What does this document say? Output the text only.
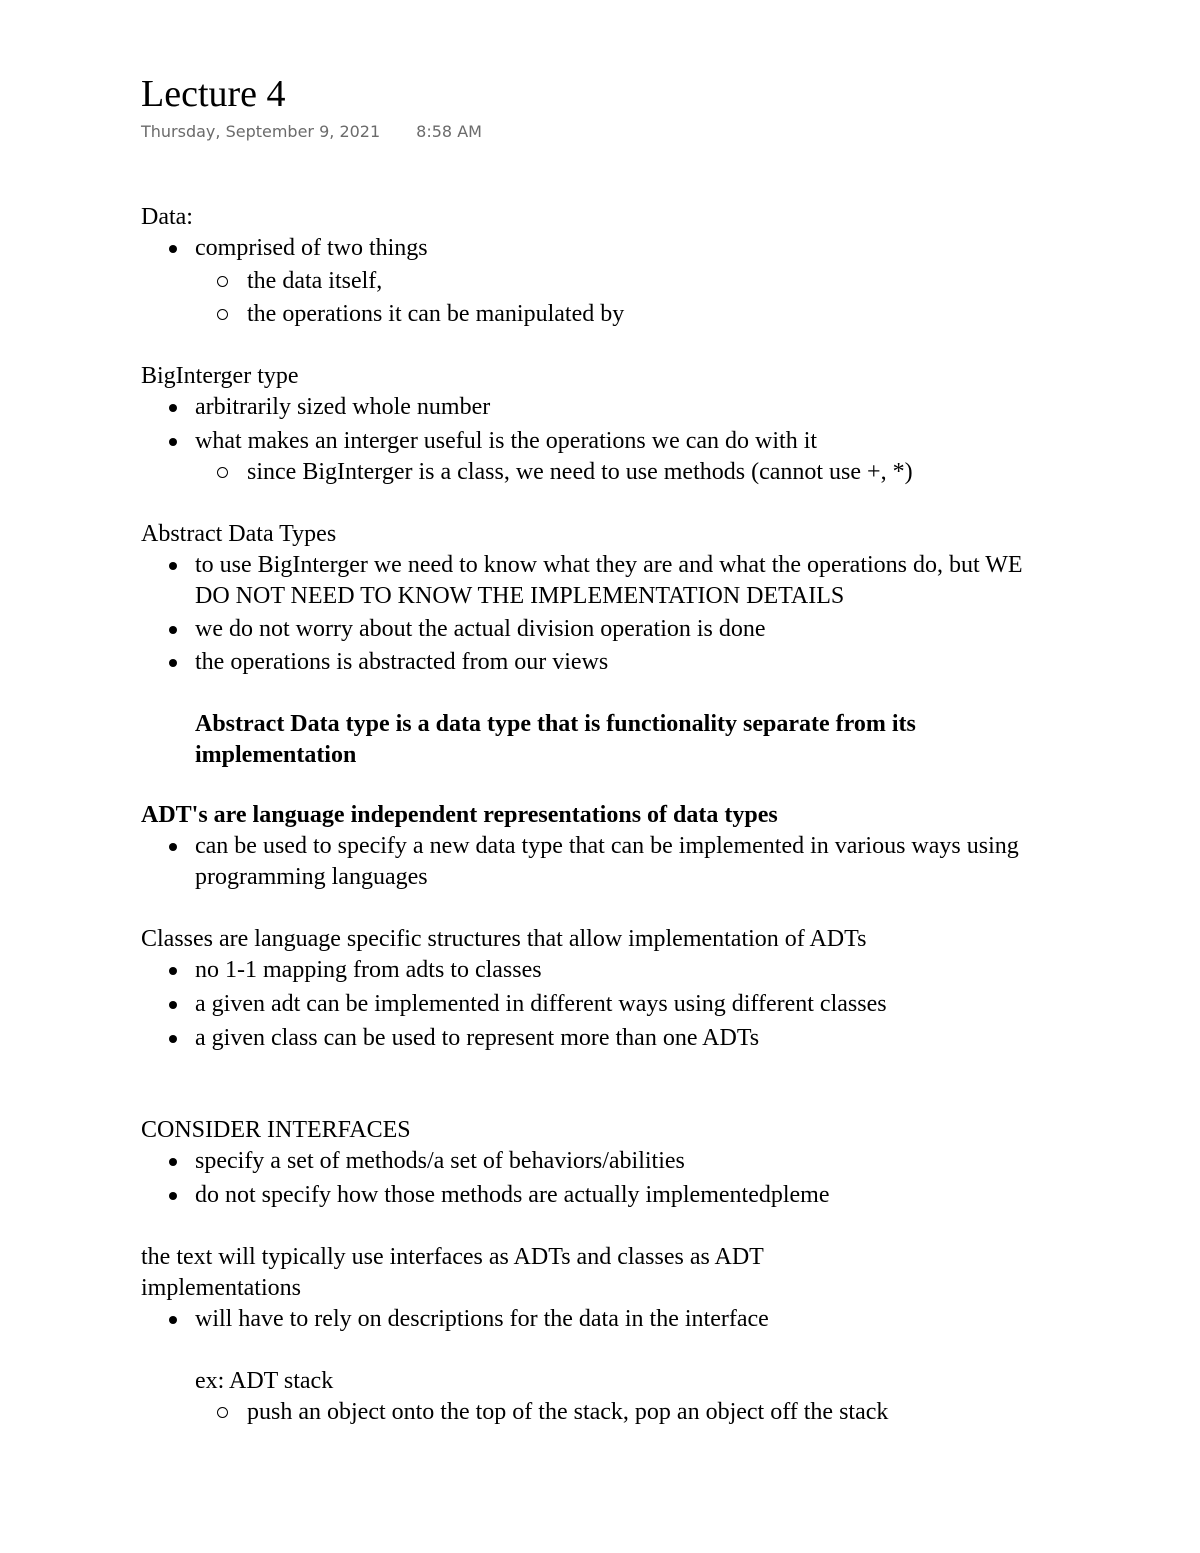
Lecture 4
Thursday, September 9, 2021 8:58 AM

Data:

comprised of two things
the data itself,
the operations it can be manipulated by

BigInterger type

arbitrarily sized whole number
what makes an interger useful is the operations we can do with it
since BigInterger is a class, we need to use methods (cannot use +, *)

Abstract Data Types

to use BigInterger we need to know what they are and what the operations do, but WE DO NOT NEED TO KNOW THE IMPLEMENTATION DETAILS
we do not worry about the actual division operation is done
the operations is abstracted from our views

Abstract Data type is a data type that is functionality separate from its implementation

ADT's are language independent representations of data types

can be used to specify a new data type that can be implemented in various ways using programming languages

Classes are language specific structures that allow implementation of ADTs

no 1-1 mapping from adts to classes
a given adt can be implemented in different ways using different classes
a given class can be used to represent more than one ADTs

CONSIDER INTERFACES

specify a set of methods/a set of behaviors/abilities
do not specify how those methods are actually implementedpleme

the text will typically use interfaces as ADTs and classes as ADT implementations

will have to rely on descriptions for the data in the interface

ex: ADT stack

push an object onto the top of the stack, pop an object off the stack
